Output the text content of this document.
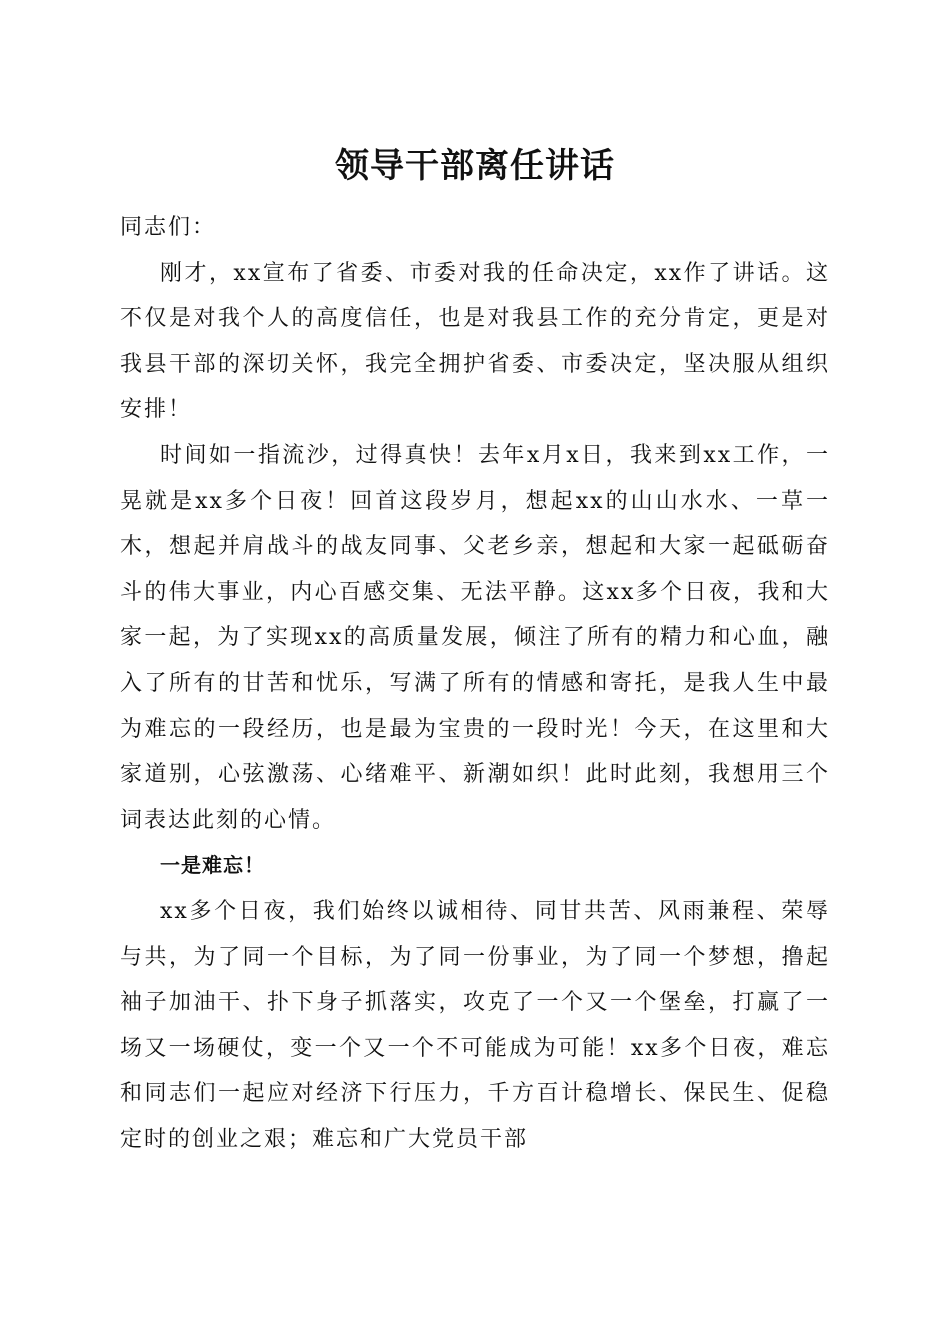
领导干部离任讲话

同志们：

刚才，xx宣布了省委、市委对我的任命决定，xx作了讲话。这不仅是对我个人的高度信任，也是对我县工作的充分肯定，更是对我县干部的深切关怀，我完全拥护省委、市委决定，坚决服从组织安排！

时间如一指流沙，过得真快！去年x月x日，我来到xx工作，一晃就是xx多个日夜！回首这段岁月，想起xx的山山水水、一草一木，想起并肩战斗的战友同事、父老乡亲，想起和大家一起砥砺奋斗的伟大事业，内心百感交集、无法平静。这xx多个日夜，我和大家一起，为了实现xx的高质量发展，倾注了所有的精力和心血，融入了所有的甘苦和忧乐，写满了所有的情感和寄托，是我人生中最为难忘的一段经历，也是最为宝贵的一段时光！今天，在这里和大家道别，心弦激荡、心绪难平、新潮如织！此时此刻，我想用三个词表达此刻的心情。

一是难忘！

xx多个日夜，我们始终以诚相待、同甘共苦、风雨兼程、荣辱与共，为了同一个目标，为了同一份事业，为了同一个梦想，撸起袖子加油干、扑下身子抓落实，攻克了一个又一个堡垒，打赢了一场又一场硬仗，变一个又一个不可能成为可能！xx多个日夜，难忘和同志们一起应对经济下行压力，千方百计稳增长、保民生、促稳定时的创业之艰；难忘和广大党员干部
